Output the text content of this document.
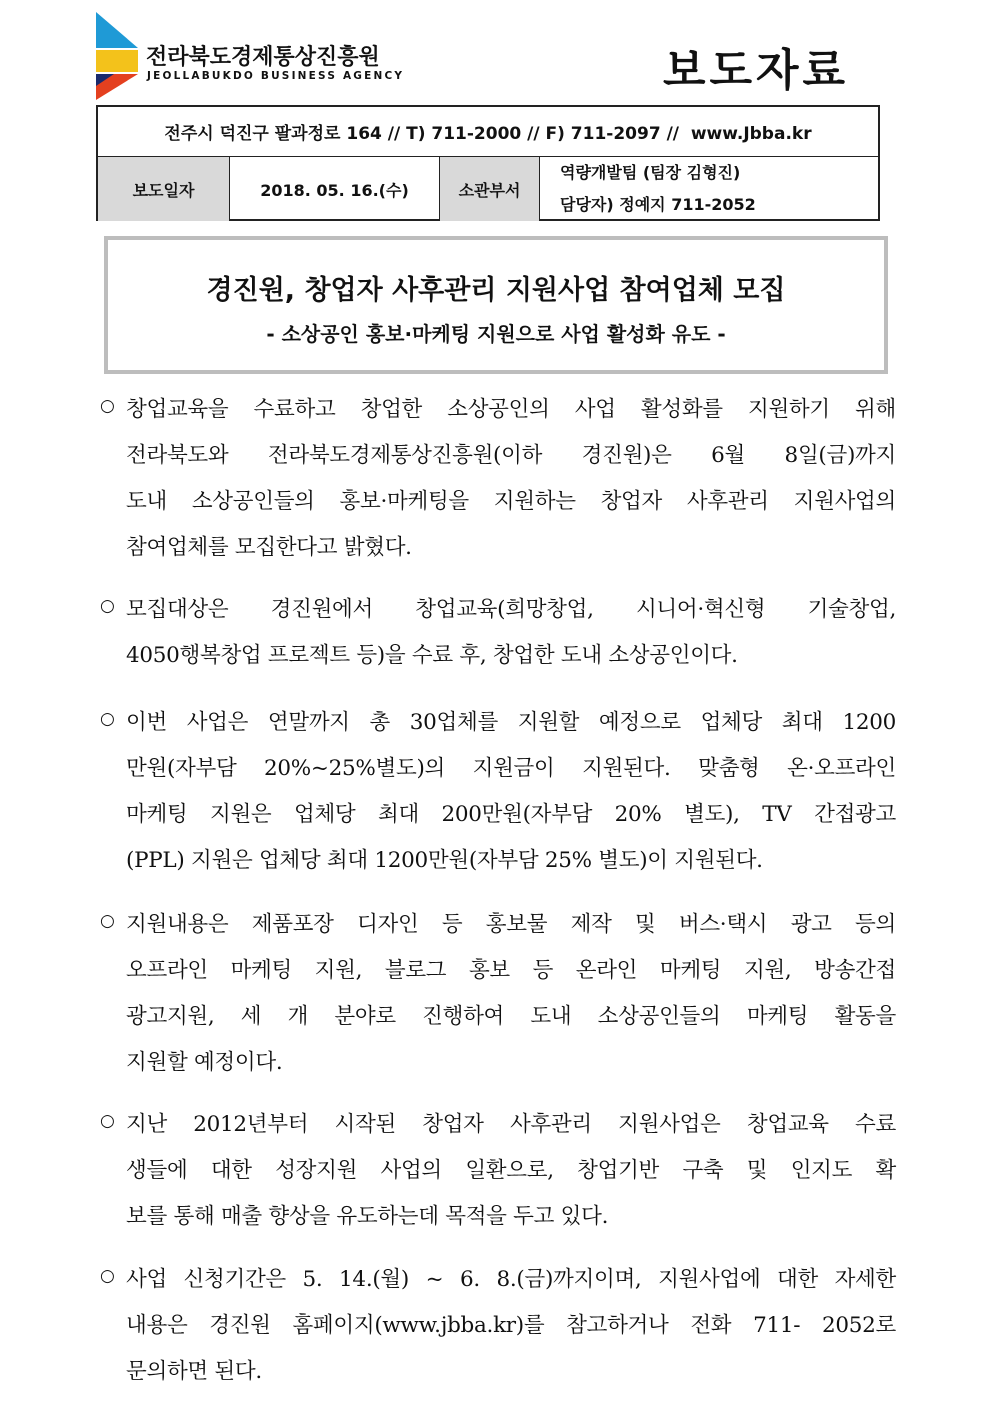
전라북도경제통상진흥원
JEOLLABUKDO BUSINESS AGENCY	보도자료
전주시 덕진구 팔과정로 164 // T) 711-2000 // F) 711-2097 //  www.Jbba.kr
보도일자	2018. 05. 16.(수)	소관부서
역량개발팀 (팀장 김형진)
담당자) 정예지 711-2052
경진원, 창업자 사후관리 지원사업 참여업체 모집
- 소상공인 홍보·마케팅 지원으로 사업 활성화 유도 -
○ 창업교육을 수료하고 창업한 소상공인의 사업 활성화를 지원하기 위해
전라북도와 전라북도경제통상진흥원(이하 경진원)은 6월 8일(금)까지
도내 소상공인들의 홍보·마케팅을 지원하는 창업자 사후관리 지원사업의
참여업체를 모집한다고 밝혔다.
○ 모집대상은 경진원에서 창업교육(희망창업, 시니어·혁신형 기술창업,
4050행복창업 프로젝트 등)을 수료 후, 창업한 도내 소상공인이다.
○ 이번 사업은 연말까지 총 30업체를 지원할 예정으로 업체당 최대 1200
만원(자부담 20%~25%별도)의 지원금이 지원된다. 맞춤형 온·오프라인
마케팅 지원은 업체당 최대 200만원(자부담 20% 별도), TV 간접광고
(PPL) 지원은 업체당 최대 1200만원(자부담 25% 별도)이 지원된다.
○ 지원내용은 제품포장 디자인 등 홍보물 제작 및 버스·택시 광고 등의
오프라인 마케팅 지원, 블로그 홍보 등 온라인 마케팅 지원, 방송간접
광고지원, 세 개 분야로 진행하여 도내 소상공인들의 마케팅 활동을
지원할 예정이다.
○ 지난 2012년부터 시작된 창업자 사후관리 지원사업은 창업교육 수료
생들에 대한 성장지원 사업의 일환으로, 창업기반 구축 및 인지도 확
보를 통해 매출 향상을 유도하는데 목적을 두고 있다.
○ 사업 신청기간은 5. 14.(월) ~ 6. 8.(금)까지이며, 지원사업에 대한 자세한
내용은 경진원 홈페이지(www.jbba.kr)를 참고하거나 전화 711- 2052로
문의하면 된다.
